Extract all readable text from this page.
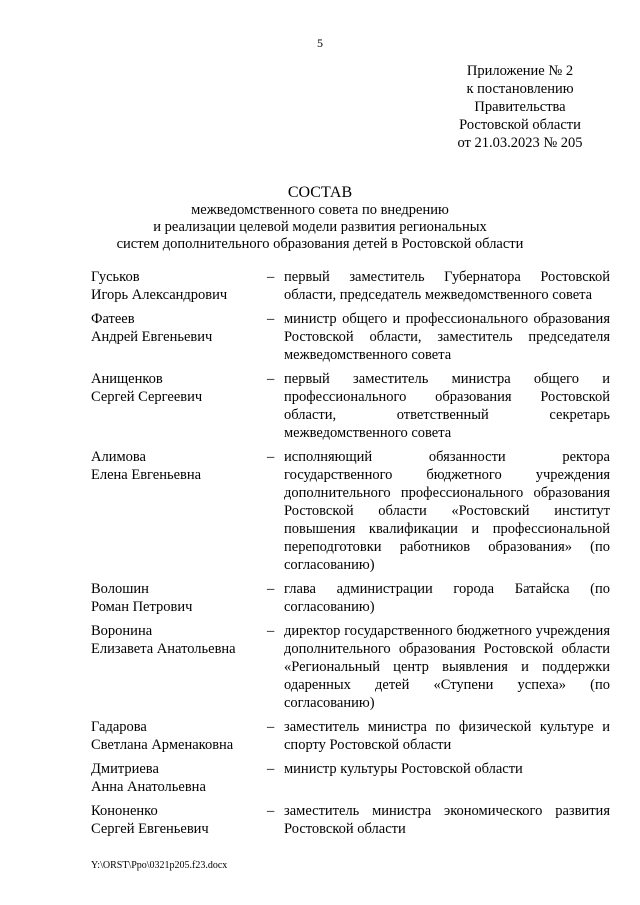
5
Приложение № 2
к постановлению
Правительства
Ростовской области
от 21.03.2023 № 205
СОСТАВ
межведомственного совета по внедрению
и реализации целевой модели развития региональных
систем дополнительного образования детей в Ростовской области
Гуськов
Игорь Александрович
– первый заместитель Губернатора Ростовской области, председатель межведомственного совета
Фатеев
Андрей Евгеньевич
– министр общего и профессионального образования Ростовской области, заместитель председателя межведомственного совета
Анищенков
Сергей Сергеевич
– первый заместитель министра общего и профессионального образования Ростовской области, ответственный секретарь межведомственного совета
Алимова
Елена Евгеньевна
– исполняющий обязанности ректора государственного бюджетного учреждения дополнительного профессионального образования Ростовской области «Ростовский институт повышения квалификации и профессиональной переподготовки работников образования» (по согласованию)
Волошин
Роман Петрович
– глава администрации города Батайска (по согласованию)
Воронина
Елизавета Анатольевна
– директор государственного бюджетного учреждения дополнительного образования Ростовской области «Региональный центр выявления и поддержки одаренных детей «Ступени успеха» (по согласованию)
Гадарова
Светлана Арменаковна
– заместитель министра по физической культуре и спорту Ростовской области
Дмитриева
Анна Анатольевна
– министр культуры Ростовской области
Кононенко
Сергей Евгеньевич
– заместитель министра экономического развития Ростовской области
Y:\ORST\Ppo\0321p205.f23.docx
